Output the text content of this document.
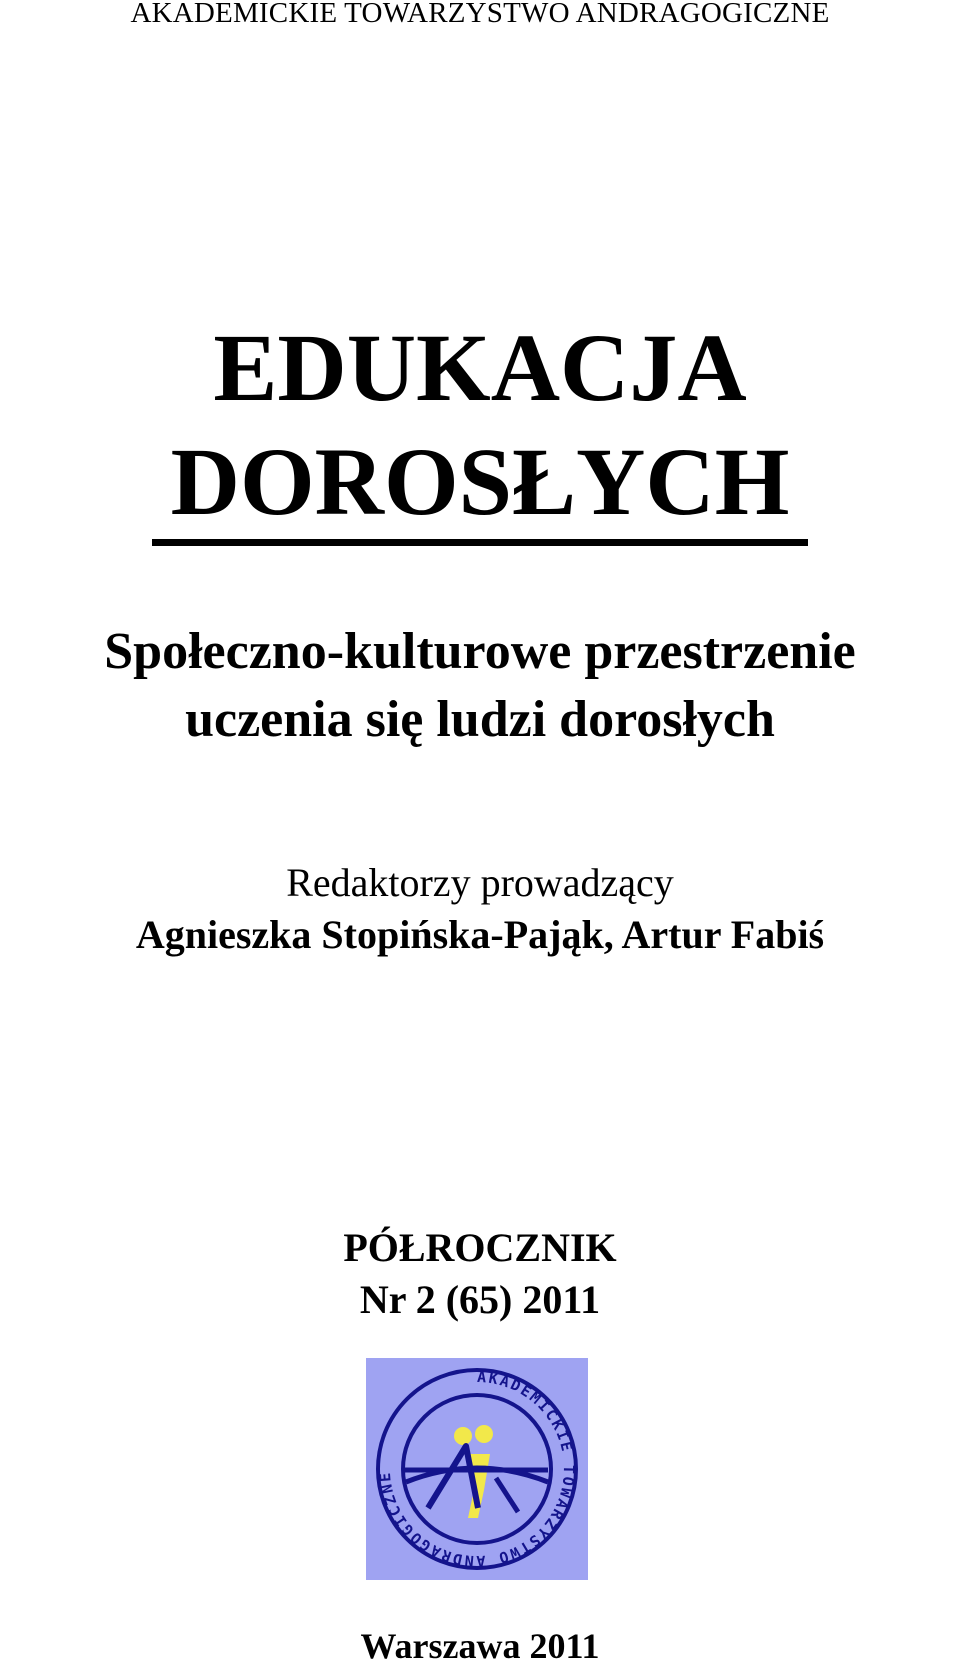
AKADEMICKIE TOWARZYSTWO ANDRAGOGICZNE

EDUKACJA
DOROSŁYCH
Społeczno-kulturowe przestrzenie
uczenia się ludzi dorosłych

Redaktorzy prowadzący

Agnieszka Stopińska-Pająk, Artur Fabiś

PÓŁROCZNIK

Nr 2 (65) 2011

AKADEMICKIE TOWARZYSTWO ANDRAGOGICZNE

Warszawa 2011
